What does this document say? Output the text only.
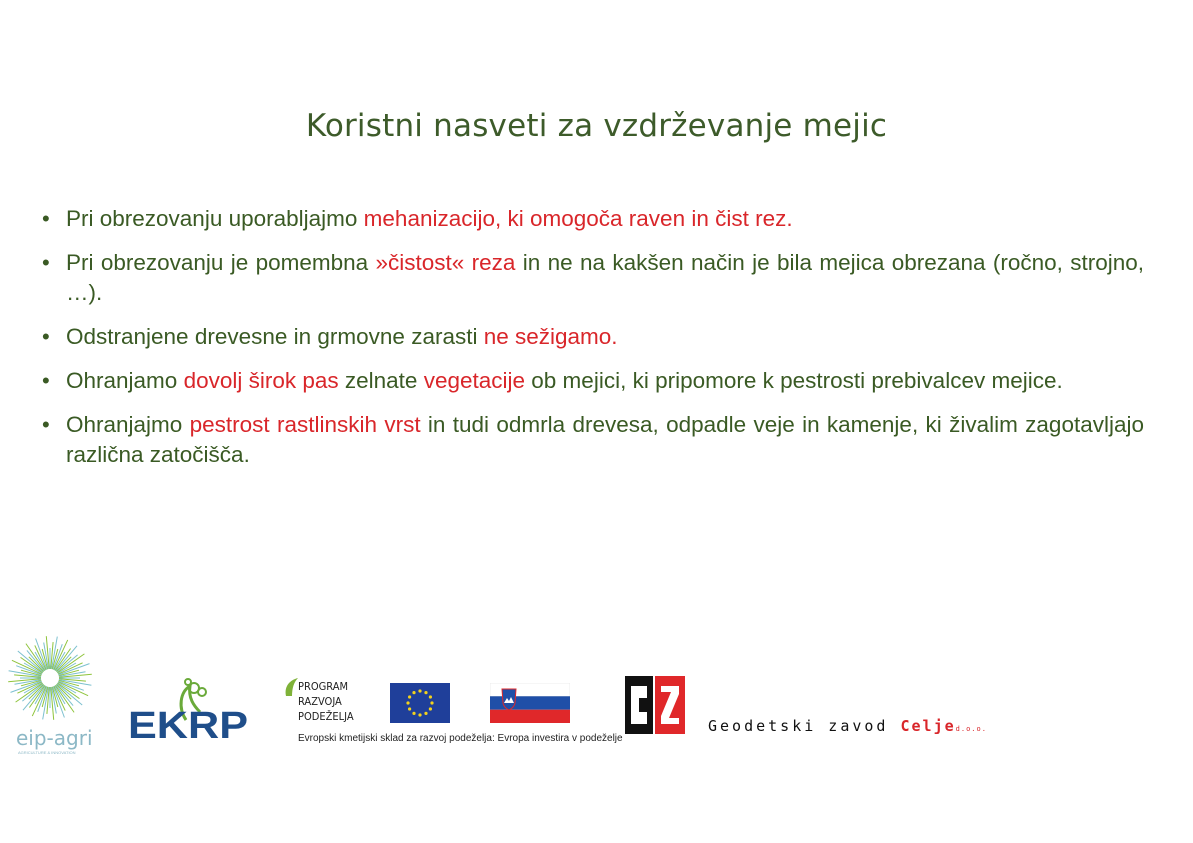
Koristni nasveti za vzdrževanje mejic
• Pri obrezovanju uporabljajmo mehanizacijo, ki omogoča raven in čist rez.
• Pri obrezovanju je pomembna »čistost« reza in ne na kakšen način je bila mejica obrezana (ročno, strojno, …).
• Odstranjene drevesne in grmovne zarasti ne sežigamo.
• Ohranjamo dovolj širok pas zelnate vegetacije ob mejici, ki pripomore k pestrosti prebivalcev mejice.
• Ohranjajmo pestrost rastlinskih vrst in tudi odmrla drevesa, odpadle veje in kamenje, ki živalim zagotavljajo različna zatočišča.
eip-agri
AGRICULTURE & INNOVATION
EKRP
PROGRAM
RAZVOJA
PODEŽELJA
Evropski kmetijski sklad za razvoj podeželja: Evropa investira v podeželje
Geodetski zavod Celjed.o.o.
